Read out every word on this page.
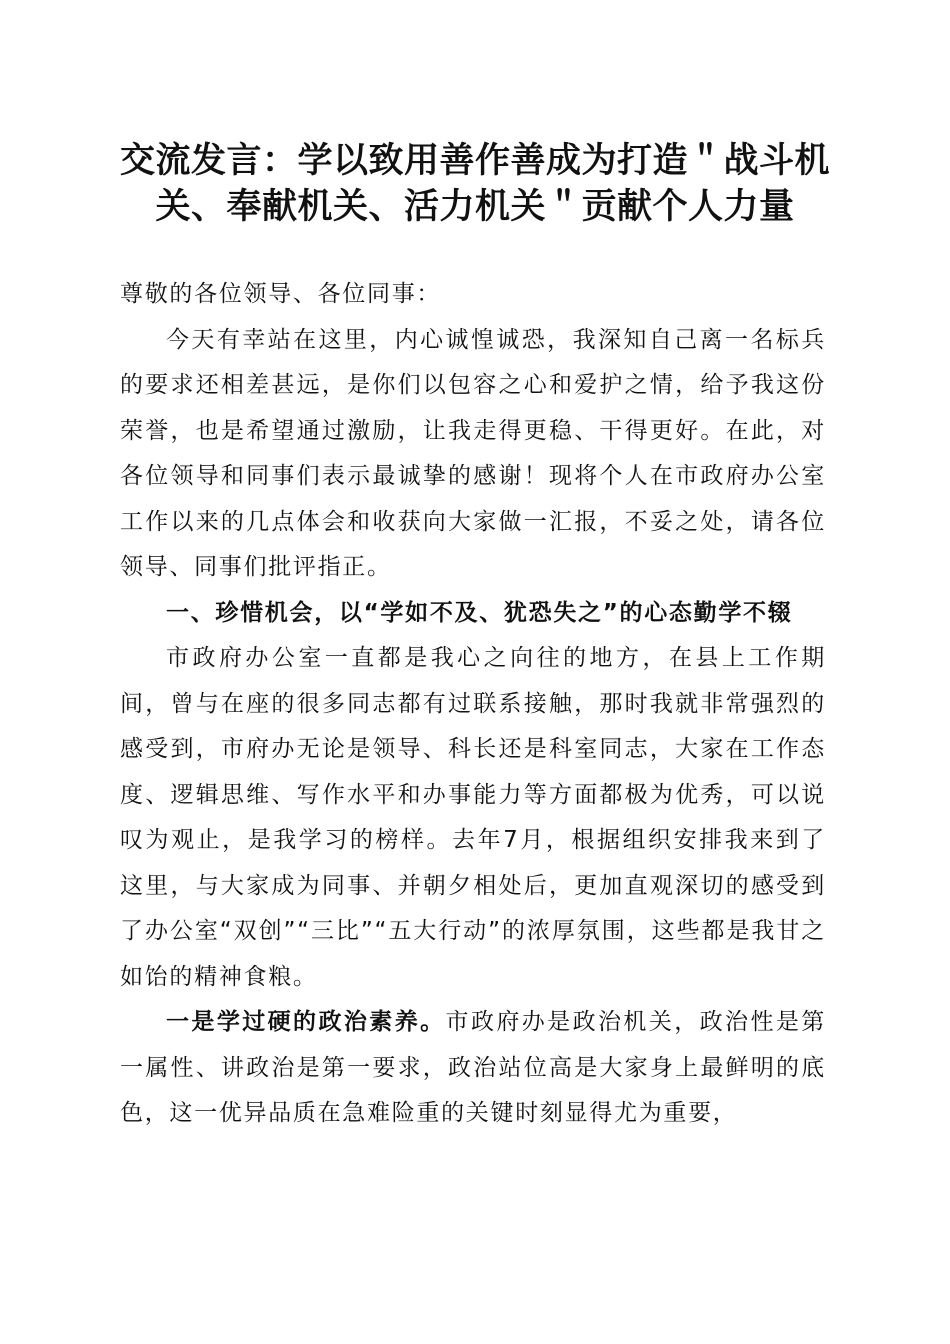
交流发言：学以致用善作善成为打造＂战斗机
关、奉献机关、活力机关＂贡献个人力量

尊敬的各位领导、各位同事：

今天有幸站在这里，内心诚惶诚恐，我深知自己离一名标兵的要求还相差甚远，是你们以包容之心和爱护之情，给予我这份荣誉，也是希望通过激励，让我走得更稳、干得更好。在此，对各位领导和同事们表示最诚挚的感谢！现将个人在市政府办公室工作以来的几点体会和收获向大家做一汇报，不妥之处，请各位领导、同事们批评指正。

一、珍惜机会，以“学如不及、犹恐失之”的心态勤学不辍

市政府办公室一直都是我心之向往的地方，在县上工作期间，曾与在座的很多同志都有过联系接触，那时我就非常强烈的感受到，市府办无论是领导、科长还是科室同志，大家在工作态度、逻辑思维、写作水平和办事能力等方面都极为优秀，可以说叹为观止，是我学习的榜样。去年7月，根据组织安排我来到了这里，与大家成为同事、并朝夕相处后，更加直观深切的感受到了办公室“双创”“三比”“五大行动”的浓厚氛围，这些都是我甘之如饴的精神食粮。

一是学过硬的政治素养。市政府办是政治机关，政治性是第一属性、讲政治是第一要求，政治站位高是大家身上最鲜明的底色，这一优异品质在急难险重的关键时刻显得尤为重要，
